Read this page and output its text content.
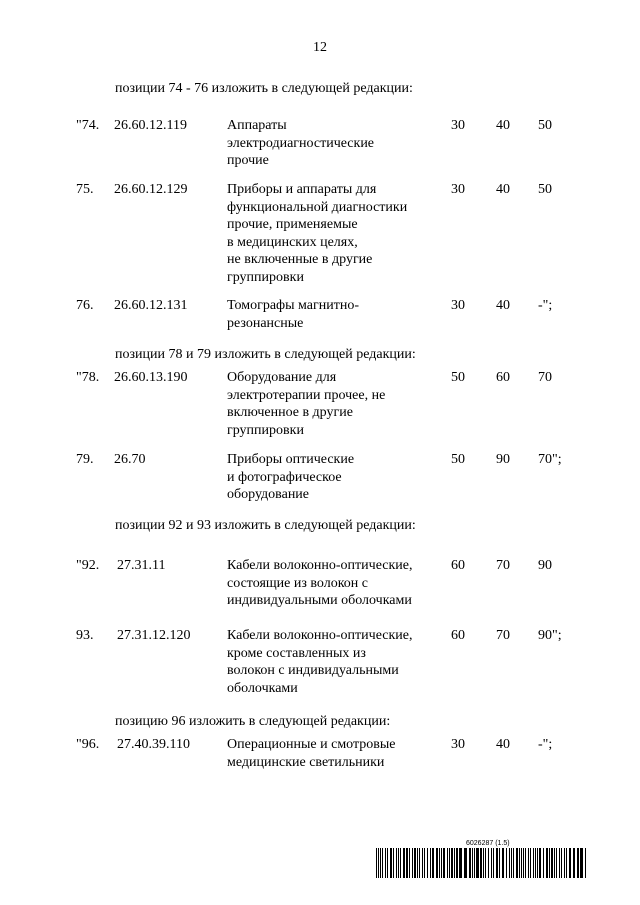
12
позиции 74 - 76 изложить в следующей редакции:
"74. 26.60.12.119	Аппараты
электродиагностические
прочие
30 40 50
75. 26.60.12.129	Приборы и аппараты для
функциональной диагностики
прочие, применяемые
в медицинских целях,
не включенные в другие
группировки
30 40 50
76. 26.60.12.131	Томографы магнитно-
резонансные
30 40 -";
позиции 78 и 79 изложить в следующей редакции:
"78. 26.60.13.190	Оборудование для
электротерапии прочее, не
включенное в другие
группировки
50 60 70
79. 26.70	Приборы оптические
и фотографическое
оборудование
50 90 70";
позиции 92 и 93 изложить в следующей редакции:
"92. 27.31.11	Кабели волоконно-оптические,
состоящие из волокон с
индивидуальными оболочками
60 70 90
93. 27.31.12.120	Кабели волоконно-оптические,
кроме составленных из
волокон с индивидуальными
оболочками
60 70 90";
позицию 96 изложить в следующей редакции:
"96. 27.40.39.110	Операционные и смотровые
медицинские светильники
30 40 -";
6026287 (1.5)
